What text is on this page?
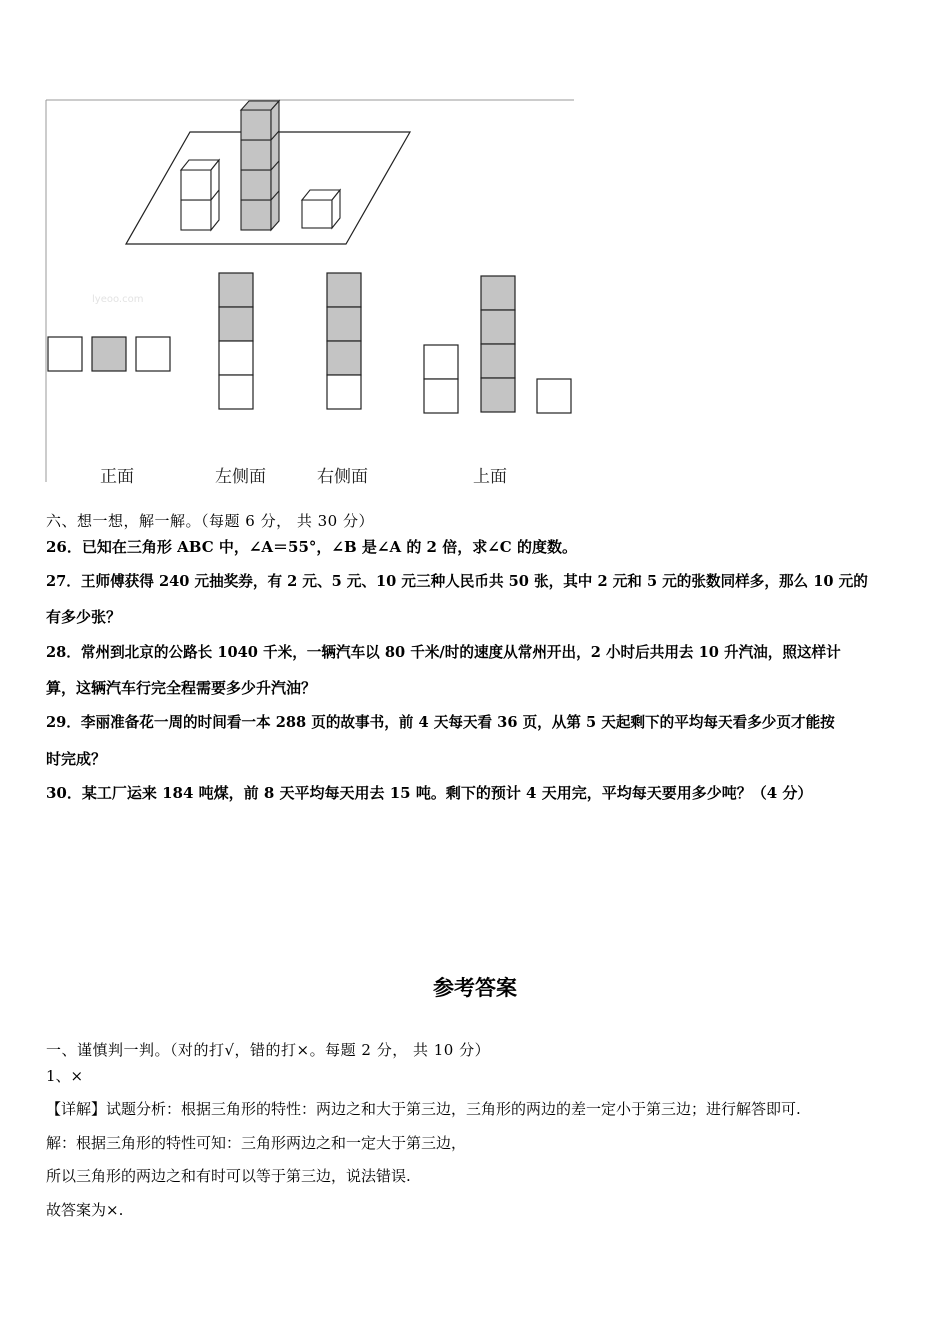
lyeoo.com
正面	左侧面	右侧面	上面
六、想一想，解一解。（每题 6 分， 共 30 分）
26．已知在三角形 ABC 中，∠A＝55°，∠B 是∠A 的 2 倍，求∠C 的度数。
27．王师傅获得 240 元抽奖券，有 2 元、5 元、10 元三种人民币共 50 张，其中 2 元和 5 元的张数同样多，那么 10 元的
有多少张？
28．常州到北京的公路长 1040 千米，一辆汽车以 80 千米/时的速度从常州开出，2 小时后共用去 10 升汽油，照这样计
算，这辆汽车行完全程需要多少升汽油？
29．李丽准备花一周的时间看一本 288 页的故事书，前 4 天每天看 36 页，从第 5 天起剩下的平均每天看多少页才能按
时完成？
30．某工厂运来 184 吨煤，前 8 天平均每天用去 15 吨。剩下的预计 4 天用完，平均每天要用多少吨？（4 分）
参考答案
一、谨慎判一判。（对的打√，错的打×。每题 2 分， 共 10 分）
1、×
【详解】试题分析：根据三角形的特性：两边之和大于第三边，三角形的两边的差一定小于第三边；进行解答即可.
解：根据三角形的特性可知：三角形两边之和一定大于第三边，
所以三角形的两边之和有时可以等于第三边，说法错误.
故答案为×.
